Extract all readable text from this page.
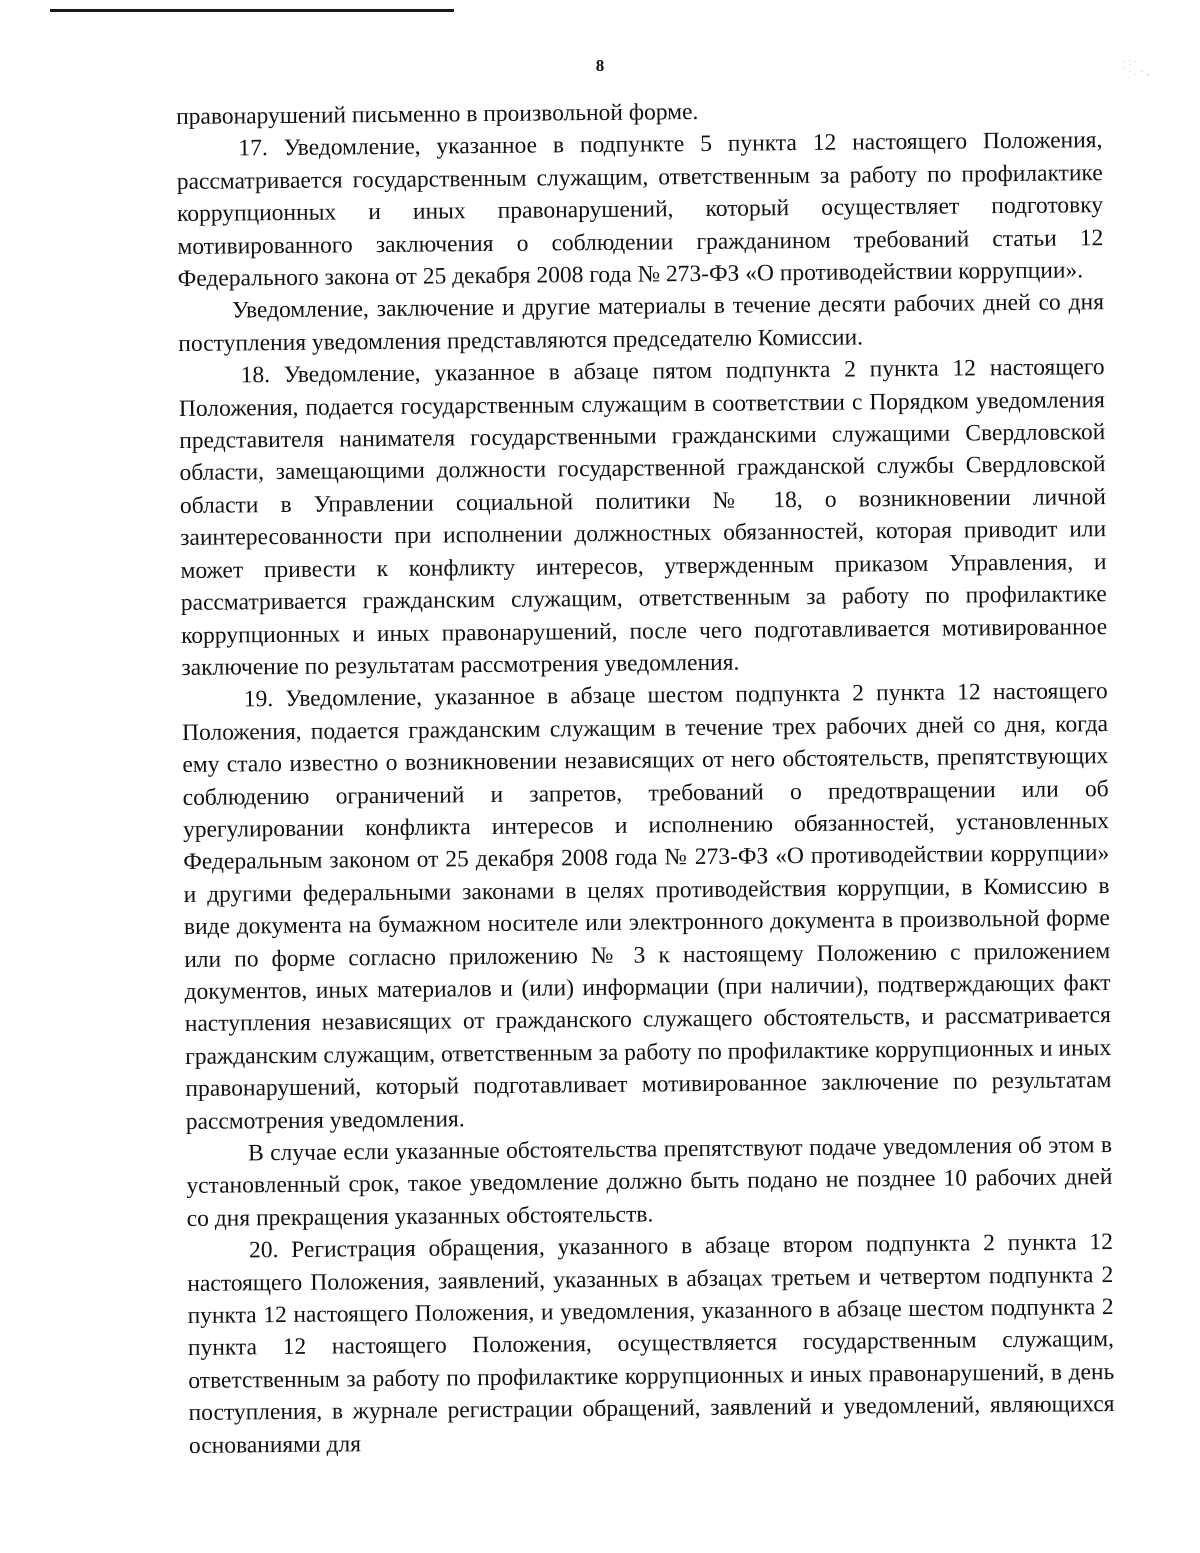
8	·:·
˙·.·,

правонарушений письменно в произвольной форме.

17. Уведомление, указанное в подпункте 5 пункта 12 настоящего Положения, рассматривается государственным служащим, ответственным за работу по профилактике коррупционных и иных правонарушений, который осуществляет подготовку мотивированного заключения о соблюдении гражданином требований статьи 12 Федерального закона от 25 декабря 2008 года № 273-ФЗ «О противодействии коррупции».

Уведомление, заключение и другие материалы в течение десяти рабочих дней со дня поступления уведомления представляются председателю Комиссии.

18. Уведомление, указанное в абзаце пятом подпункта 2 пункта 12 настоящего Положения, подается государственным служащим в соответствии с Порядком уведомления представителя нанимателя государственными гражданскими служащими Свердловской области, замещающими должности государственной гражданской службы Свердловской области в Управлении социальной политики № 18, о возникновении личной заинтересованности при исполнении должностных обязанностей, которая приводит или может привести к конфликту интересов, утвержденным приказом Управления, и рассматривается гражданским служащим, ответственным за работу по профилактике коррупционных и иных правонарушений, после чего подготавливается мотивированное заключение по результатам рассмотрения уведомления.

19. Уведомление, указанное в абзаце шестом подпункта 2 пункта 12 настоящего Положения, подается гражданским служащим в течение трех рабочих дней со дня, когда ему стало известно о возникновении независящих от него обстоятельств, препятствующих соблюдению ограничений и запретов, требований о предотвращении или об урегулировании конфликта интересов и исполнению обязанностей, установленных Федеральным законом от 25 декабря 2008 года № 273-ФЗ «О противодействии коррупции» и другими федеральными законами в целях противодействия коррупции, в Комиссию в виде документа на бумажном носителе или электронного документа в произвольной форме или по форме согласно приложению № 3 к настоящему Положению с приложением документов, иных материалов и (или) информации (при наличии), подтверждающих факт наступления независящих от гражданского служащего обстоятельств, и рассматривается гражданским служащим, ответственным за работу по профилактике коррупционных и иных правонарушений, который подготавливает мотивированное заключение по результатам рассмотрения уведомления.

В случае если указанные обстоятельства препятствуют подаче уведомления об этом в установленный срок, такое уведомление должно быть подано не позднее 10 рабочих дней со дня прекращения указанных обстоятельств.

20. Регистрация обращения, указанного в абзаце втором подпункта 2 пункта 12 настоящего Положения, заявлений, указанных в абзацах третьем и четвертом подпункта 2 пункта 12 настоящего Положения, и уведомления, указанного в абзаце шестом подпункта 2 пункта 12 настоящего Положения, осуществляется государственным служащим, ответственным за работу по профилактике коррупционных и иных правонарушений, в день поступления, в журнале регистрации обращений, заявлений и уведомлений, являющихся основаниями для
